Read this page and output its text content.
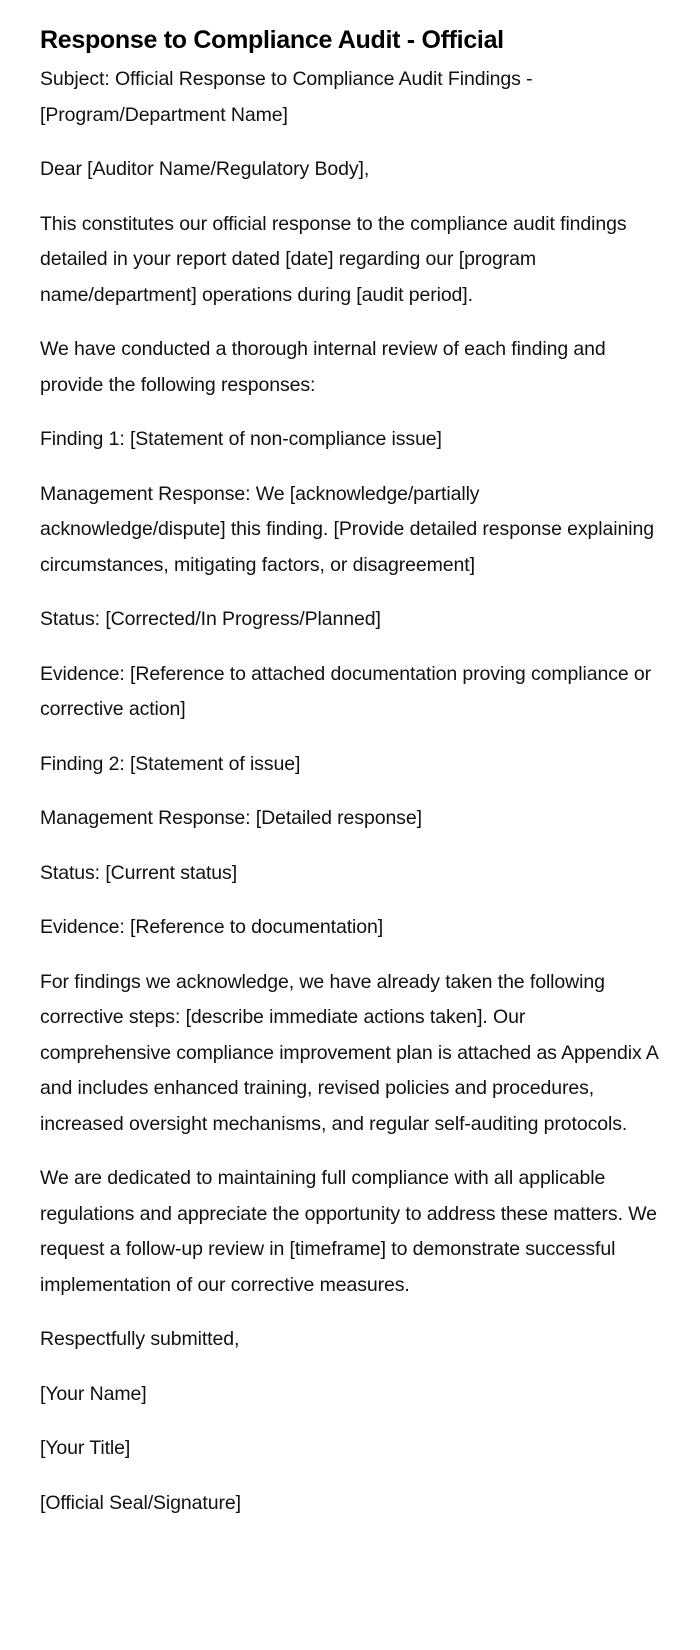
Response to Compliance Audit - Official

Subject: Official Response to Compliance Audit Findings - [Program/Department Name]

Dear [Auditor Name/Regulatory Body],

This constitutes our official response to the compliance audit findings detailed in your report dated [date] regarding our [program name/department] operations during [audit period].

We have conducted a thorough internal review of each finding and provide the following responses:

Finding 1: [Statement of non-compliance issue]

Management Response: We [acknowledge/partially acknowledge/dispute] this finding. [Provide detailed response explaining circumstances, mitigating factors, or disagreement]

Status: [Corrected/In Progress/Planned]

Evidence: [Reference to attached documentation proving compliance or corrective action]

Finding 2: [Statement of issue]

Management Response: [Detailed response]

Status: [Current status]

Evidence: [Reference to documentation]

For findings we acknowledge, we have already taken the following corrective steps: [describe immediate actions taken]. Our comprehensive compliance improvement plan is attached as Appendix A and includes enhanced training, revised policies and procedures, increased oversight mechanisms, and regular self-auditing protocols.

We are dedicated to maintaining full compliance with all applicable regulations and appreciate the opportunity to address these matters. We request a follow-up review in [timeframe] to demonstrate successful implementation of our corrective measures.

Respectfully submitted,

[Your Name]

[Your Title]

[Official Seal/Signature]
